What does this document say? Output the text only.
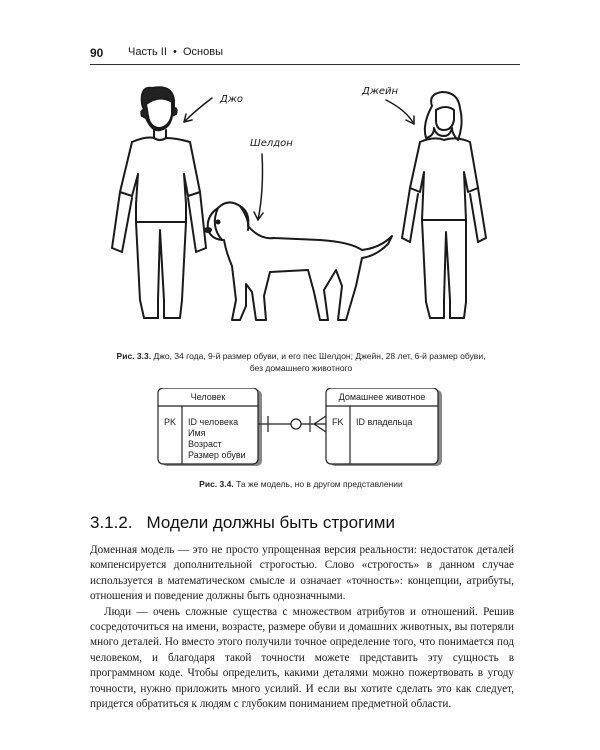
90 Часть II • Основы
Джо
Шелдон
Джейн
Рис. 3.3. Джо, 34 года, 9-й размер обуви, и его пес Шелдон; Джейн, 28 лет, 6-й размер обуви,
без домашнего животного
Человек
PK ID человека
Имя
Возраст
Размер обуви
Домашнее животное
FK ID владельца
Рис. 3.4. Та же модель, но в другом представлении
3.1.2. Модели должны быть строгими

Доменная модель — это не просто упрощенная версия реальности: недостаток деталей компенсируется дополнительной строгостью. Слово «строгость» в данном случае используется в математическом смысле и означает «точность»: концепции, атрибуты, отношения и поведение должны быть однозначными.

Люди — очень сложные существа с множеством атрибутов и отношений. Решив сосредоточиться на имени, возрасте, размере обуви и домашних животных, вы потеряли много деталей. Но вместо этого получили точное определение того, что понимается под человеком, и благодаря такой точности можете представить эту сущность в программном коде. Чтобы определить, какими деталями можно пожертвовать в угоду точности, нужно приложить много усилий. И если вы хотите сделать это как следует, придется обратиться к людям с глубоким пониманием предметной области.
